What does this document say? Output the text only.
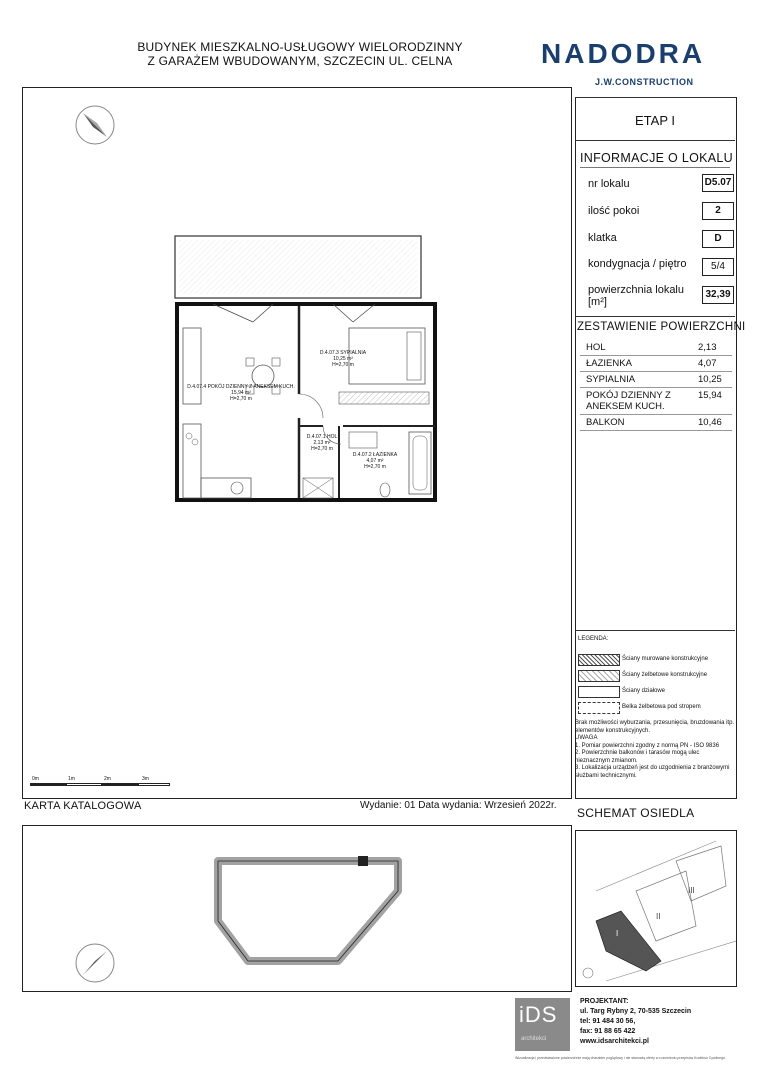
BUDYNEK MIESZKALNO-USŁUGOWY WIELORODZINNY
Z GARAŻEM WBUDOWANYM, SZCZECIN UL. CELNA	NADODRA
J.W.CONSTRUCTION
D.4.07.4 POKÓJ DZIENNY Z ANEKSEM KUCH.
15,94 m²
H=2,70 m
D.4.07.3 SYPIALNIA
10,25 m²
H=2,70 m
D.4.07.1 HOL
2,13 m²
H=2,70 m
D.4.07.2 ŁAZIENKA
4,07 m²
H=2,70 m
0m	1m	2m	3m
ETAP I
INFORMACJE O LOKALU
nr lokalu	D5.07
ilość pokoi	2
klatka	D
kondygnacja / piętro	5/4
powierzchnia lokalu [m²]
32,39
ZESTAWIENIE POWIERZCHNI
HOL	2,13
ŁAZIENKA	4,07
SYPIALNIA	10,25
POKÓJ DZIENNY Z ANEKSEM KUCH.
15,94
BALKON	10,46
LEGENDA:
Ściany murowane konstrukcyjne
Ściany żelbetowe konstrukcyjne
Ściany działowe
Belka żelbetowa pod stropem
Brak możliwości wyburzania, przesunięcia, bruzdowania itp. elementów konstrukcyjnych.
UWAGA
1. Pomiar powierzchni zgodny z normą PN - ISO 9836
2. Powierzchnie balkonów i tarasów mogą ulec nieznacznym zmianom.
3. Lokalizacja urządzeń jest do uzgodnienia z branżowymi służbami technicznymi.
KARTA KATALOGOWA	Wydanie: 01 Data wydania: Wrzesień 2022r.
SCHEMAT OSIEDLA
III
II
I
iDS
architekci
PROJEKTANT:
ul. Targ Rybny 2, 70-535 Szczecin
tel: 91 484 30 56,
fax: 91 88 65 422
www.idsarchitekci.pl
Wizualizacja i przedstawione powierzchnie mają charakter poglądowy i nie stanowią oferty w rozumieniu przepisów Kodeksu Cywilnego.
